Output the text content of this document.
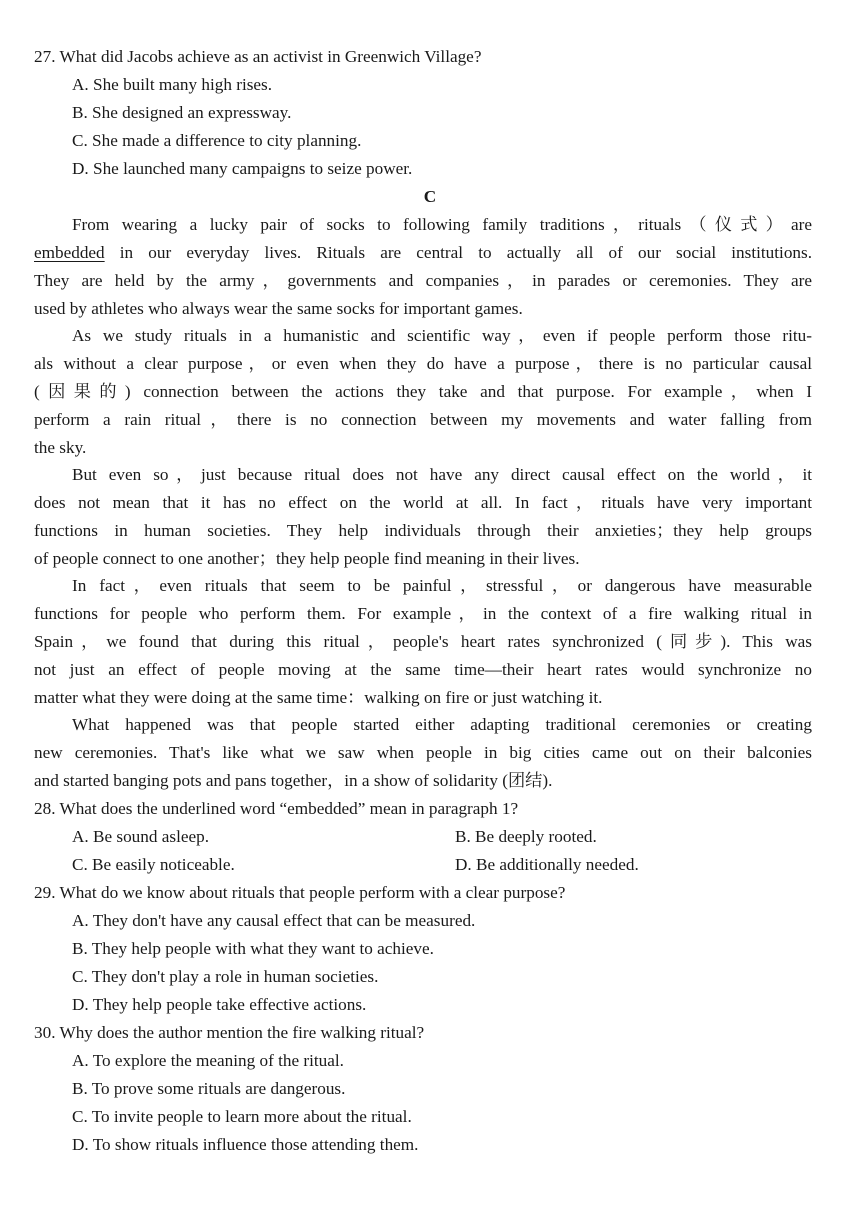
27. What did Jacobs achieve as an activist in Greenwich Village?
A. She built many high rises.
B. She designed an expressway.
C. She made a difference to city planning.
D. She launched many campaigns to seize power.
C
From wearing a lucky pair of socks to following family traditions，rituals（仪式）are
embedded in our everyday lives. Rituals are central to actually all of our social institutions.
They are held by the army，governments and companies，in parades or ceremonies. They are
used by athletes who always wear the same socks for important games.
As we study rituals in a humanistic and scientific way，even if people perform those ritu-
als without a clear purpose，or even when they do have a purpose，there is no particular causal
(因果的) connection between the actions they take and that purpose. For example，when I
perform a rain ritual，there is no connection between my movements and water falling from
the sky.
But even so，just because ritual does not have any direct causal effect on the world，it
does not mean that it has no effect on the world at all. In fact，rituals have very important
functions in human societies. They help individuals through their anxieties；they help groups
of people connect to one another；they help people find meaning in their lives.
In fact，even rituals that seem to be painful，stressful，or dangerous have measurable
functions for people who perform them. For example，in the context of a fire walking ritual in
Spain，we found that during this ritual，people's heart rates synchronized (同步). This was
not just an effect of people moving at the same time—their heart rates would synchronize no
matter what they were doing at the same time：walking on fire or just watching it.
What happened was that people started either adapting traditional ceremonies or creating
new ceremonies. That's like what we saw when people in big cities came out on their balconies
and started banging pots and pans together，in a show of solidarity (团结).
28. What does the underlined word “embedded” mean in paragraph 1?
A. Be sound asleep.	B. Be deeply rooted.
C. Be easily noticeable.	D. Be additionally needed.
29. What do we know about rituals that people perform with a clear purpose?
A. They don't have any causal effect that can be measured.
B. They help people with what they want to achieve.
C. They don't play a role in human societies.
D. They help people take effective actions.
30. Why does the author mention the fire walking ritual?
A. To explore the meaning of the ritual.
B. To prove some rituals are dangerous.
C. To invite people to learn more about the ritual.
D. To show rituals influence those attending them.
